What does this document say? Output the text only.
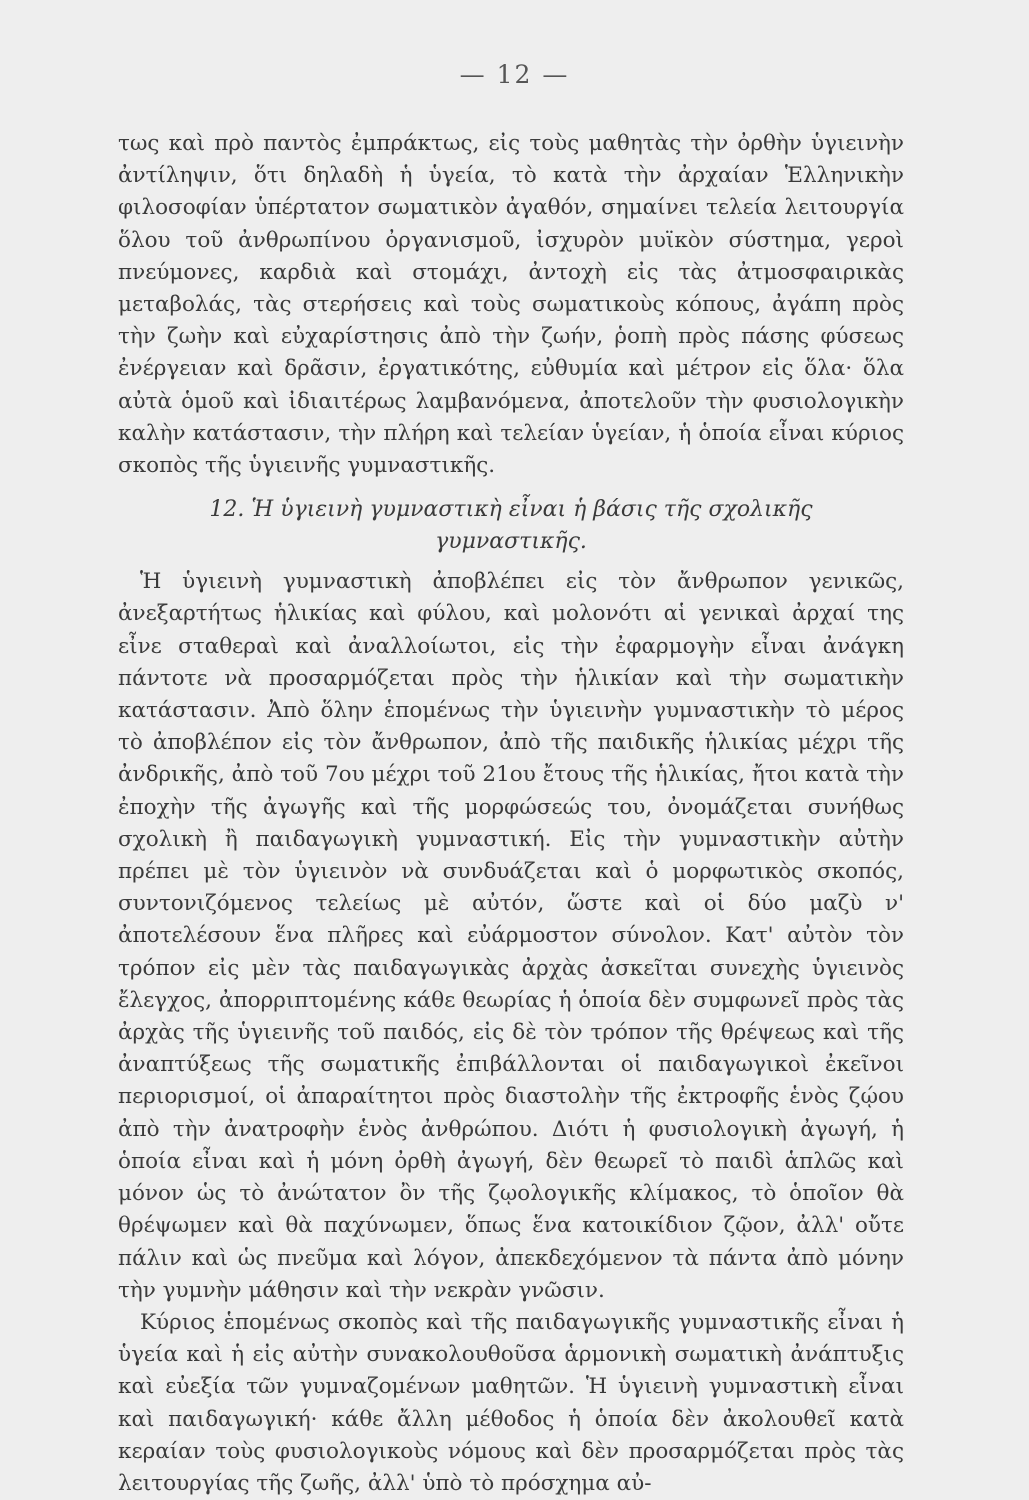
— 12 —

τως καὶ πρὸ παντὸς ἐμπράκτως, εἰς τοὺς μαθητὰς τὴν ὀρθὴν ὑγιεινὴν ἀντίληψιν, ὅτι δηλαδὴ ἡ ὑγεία, τὸ κατὰ τὴν ἀρχαίαν Ἑλληνικὴν φιλοσοφίαν ὑπέρτατον σωματικὸν ἀγαθόν, σημαίνει τελεία λειτουργία ὅλου τοῦ ἀνθρωπίνου ὀργανισμοῦ, ἰσχυρὸν μυϊκὸν σύστημα, γεροὶ πνεύμονες, καρδιὰ καὶ στομάχι, ἀντοχὴ εἰς τὰς ἀτμοσφαιρικὰς μεταβολάς, τὰς στερήσεις καὶ τοὺς σωματικοὺς κόπους, ἀγάπη πρὸς τὴν ζωὴν καὶ εὐχαρίστησις ἀπὸ τὴν ζωήν, ῥοπὴ πρὸς πάσης φύσεως ἐνέργειαν καὶ δρᾶσιν, ἐργατικότης, εὐθυμία καὶ μέτρον εἰς ὅλα· ὅλα αὐτὰ ὁμοῦ καὶ ἰδιαιτέρως λαμβανόμενα, ἀποτελοῦν τὴν φυσιολογικὴν καλὴν κατάστασιν, τὴν πλήρη καὶ τελείαν ὑγείαν, ἡ ὁποία εἶναι κύριος σκοπὸς τῆς ὑγιεινῆς γυμναστικῆς.

12. Ἡ ὑγιεινὴ γυμναστικὴ εἶναι ἡ βάσις τῆς σχολικῆς γυμναστικῆς.

Ἡ ὑγιεινὴ γυμναστικὴ ἀποβλέπει εἰς τὸν ἄνθρωπον γενικῶς, ἀνεξαρτήτως ἡλικίας καὶ φύλου, καὶ μολονότι αἱ γενικαὶ ἀρχαί της εἶνε σταθεραὶ καὶ ἀναλλοίωτοι, εἰς τὴν ἐφαρμογὴν εἶναι ἀνάγκη πάντοτε νὰ προσαρμόζεται πρὸς τὴν ἡλικίαν καὶ τὴν σωματικὴν κατάστασιν. Ἀπὸ ὅλην ἑπομένως τὴν ὑγιεινὴν γυμναστικὴν τὸ μέρος τὸ ἀποβλέπον εἰς τὸν ἄνθρωπον, ἀπὸ τῆς παιδικῆς ἡλικίας μέχρι τῆς ἀνδρικῆς, ἀπὸ τοῦ 7ου μέχρι τοῦ 21ου ἔτους τῆς ἡλικίας, ἤτοι κατὰ τὴν ἐποχὴν τῆς ἀγωγῆς καὶ τῆς μορφώσεώς του, ὀνομάζεται συνήθως σχολικὴ ἢ παιδαγωγικὴ γυμναστική. Εἰς τὴν γυμναστικὴν αὐτὴν πρέπει μὲ τὸν ὑγιεινὸν νὰ συνδυάζεται καὶ ὁ μορφωτικὸς σκοπός, συντονιζόμενος τελείως μὲ αὐτόν, ὥστε καὶ οἱ δύο μαζὺ ν' ἀποτελέσουν ἕνα πλῆρες καὶ εὐάρμοστον σύνολον. Κατ' αὐτὸν τὸν τρόπον εἰς μὲν τὰς παιδαγωγικὰς ἀρχὰς ἀσκεῖται συνεχὴς ὑγιεινὸς ἔλεγχος, ἀπορριπτομένης κάθε θεωρίας ἡ ὁποία δὲν συμφωνεῖ πρὸς τὰς ἀρχὰς τῆς ὑγιεινῆς τοῦ παιδός, εἰς δὲ τὸν τρόπον τῆς θρέψεως καὶ τῆς ἀναπτύξεως τῆς σωματικῆς ἐπιβάλλονται οἱ παιδαγωγικοὶ ἐκεῖνοι περιορισμοί, οἱ ἀπαραίτητοι πρὸς διαστολὴν τῆς ἐκτροφῆς ἑνὸς ζῴου ἀπὸ τὴν ἀνατροφὴν ἑνὸς ἀνθρώπου. Διότι ἡ φυσιολογικὴ ἀγωγή, ἡ ὁποία εἶναι καὶ ἡ μόνη ὀρθὴ ἀγωγή, δὲν θεωρεῖ τὸ παιδὶ ἁπλῶς καὶ μόνον ὡς τὸ ἀνώτατον ὂν τῆς ζῳολογικῆς κλίμακος, τὸ ὁποῖον θὰ θρέψωμεν καὶ θὰ παχύνωμεν, ὅπως ἕνα κατοικίδιον ζῷον, ἀλλ' οὔτε πάλιν καὶ ὡς πνεῦμα καὶ λόγον, ἀπεκδεχόμενον τὰ πάντα ἀπὸ μόνην τὴν γυμνὴν μάθησιν καὶ τὴν νεκρὰν γνῶσιν.

Κύριος ἑπομένως σκοπὸς καὶ τῆς παιδαγωγικῆς γυμναστικῆς εἶναι ἡ ὑγεία καὶ ἡ εἰς αὐτὴν συνακολουθοῦσα ἁρμονικὴ σωματικὴ ἀνάπτυξις καὶ εὐεξία τῶν γυμναζομένων μαθητῶν. Ἡ ὑγιεινὴ γυμναστικὴ εἶναι καὶ παιδαγωγική· κάθε ἄλλη μέθοδος ἡ ὁποία δὲν ἀκολουθεῖ κατὰ κεραίαν τοὺς φυσιολογικοὺς νόμους καὶ δὲν προσαρμόζεται πρὸς τὰς λειτουργίας τῆς ζωῆς, ἀλλ' ὑπὸ τὸ πρόσχημα αὐ-
